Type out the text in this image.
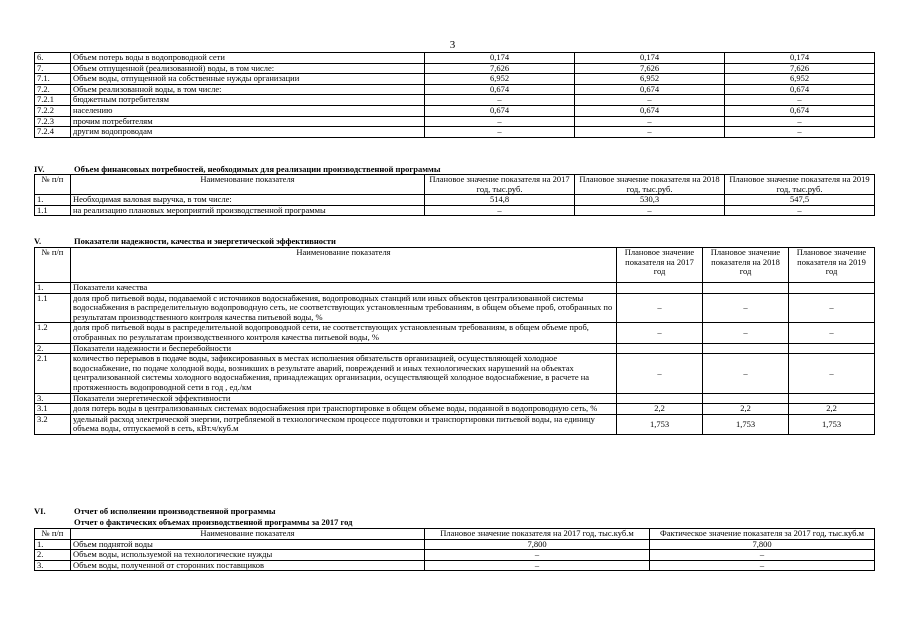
3
6.	Объем потерь воды в водопроводной сети	0,174	0,174	0,174
7.	Объем отпущенной (реализованной) воды, в том числе:	7,626	7,626	7,626
7.1.	Объем воды, отпущенной на собственные нужды организации	6,952	6,952	6,952
7.2.	Объем реализованной воды, в том числе:	0,674	0,674	0,674
7.2.1	бюджетным потребителям	–	–	–
7.2.2	населению	0,674	0,674	0,674
7.2.3	прочим потребителям	–	–	–
7.2.4	другим водопроводам	–	–	–
IV.	Объем финансовых потребностей, необходимых для реализации производственной программы
№ п/п	Наименование показателя	Плановое значение показателя на 2017 год, тыс.руб.	Плановое значение показателя на 2018 год, тыс.руб.	Плановое значение показателя на 2019 год, тыс.руб.
1.	Необходимая валовая выручка, в том числе:	514,8	530,3	547,5
1.1	на реализацию плановых мероприятий производственной программы	–	–	–
V.	Показатели надежности, качества и энергетической эффективности
№ п/п	Наименование показателя	Плановое значение показателя на 2017 год	Плановое значение показателя на 2018 год	Плановое значение показателя на 2019 год
1.	Показатели качества			
1.1	доля проб питьевой воды, подаваемой с источников водоснабжения, водопроводных станций или иных объектов централизованной системы водоснабжения в распределительную водопроводную сеть, не соответствующих установленным требованиям, в общем объеме проб, отобранных по результатам производственного контроля качества питьевой воды, %	–	–	–
1.2	доля проб питьевой воды в распределительной водопроводной сети, не соответствующих установленным требованиям, в общем объеме проб, отобранных по результатам производственного контроля качества питьевой воды, %	–	–	–
2.	Показатели надежности и бесперебойности			
2.1	количество перерывов в подаче воды, зафиксированных в местах исполнения обязательств организацией, осуществляющей холодное водоснабжение, по подаче холодной воды, возникших в результате аварий, повреждений и иных технологических нарушений на объектах централизованной системы холодного водоснабжения, принадлежащих организации, осуществляющей холодное водоснабжение, в расчете на протяженность водопроводной сети в год , ед./км	–	–	–
3.	Показатели энергетической эффективности			
3.1	доля потерь воды в централизованных системах водоснабжения при транспортировке в общем объеме воды, поданной в водопроводную сеть, %	2,2	2,2	2,2
3.2	удельный расход электрической энергии, потребляемой в технологическом процессе подготовки и транспортировки питьевой воды, на единицу объема воды, отпускаемой в сеть, кВт.ч/куб.м	1,753	1,753	1,753
VI.	Отчет об исполнении производственной программы
Отчет о фактических объемах производственной программы за 2017 год
№ п/п	Наименование показателя	Плановое значение показателя на 2017 год, тыс.куб.м	Фактическое значение показателя за 2017 год, тыс.куб.м
1.	Объем поднятой воды	7,800	7,800
2.	Объем воды, используемой на технологические нужды	–	–
3.	Объем воды, полученной от сторонних поставщиков	–	–
